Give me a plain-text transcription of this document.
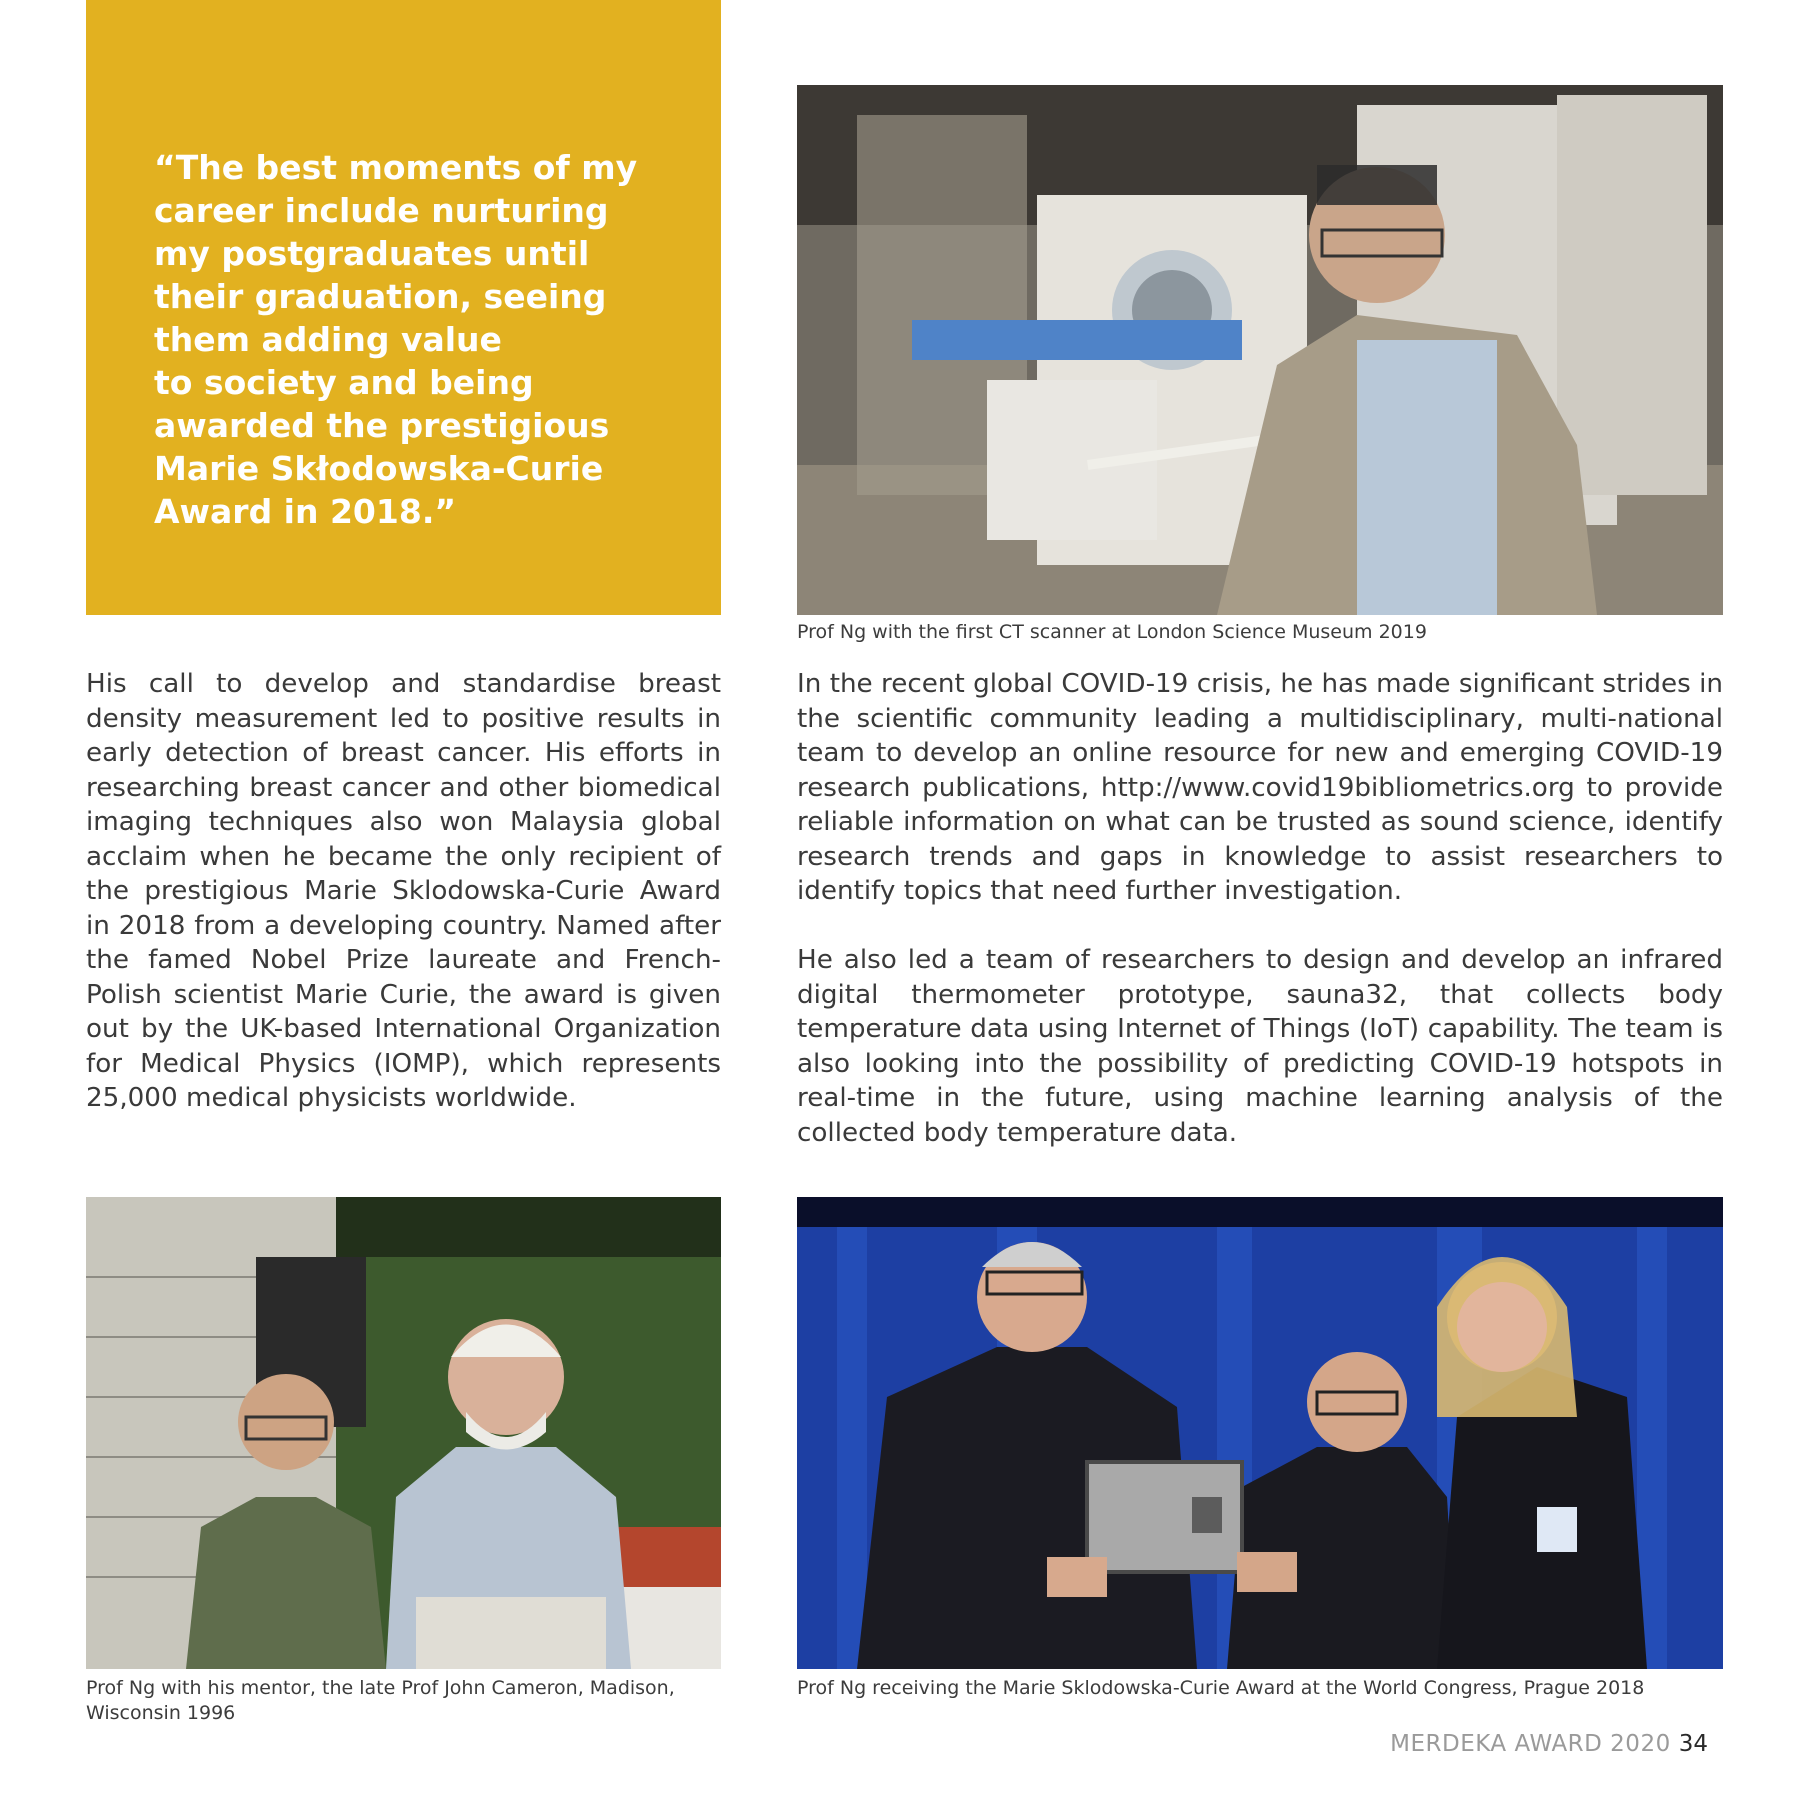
“The best moments of my
career include nurturing
my postgraduates until
their graduation, seeing
them adding value
to society and being
awarded the prestigious
Marie Skłodowska-Curie
Award in 2018.”

Prof Ng with the first CT scanner at London Science Museum 2019

His call to develop and standardise breast density measurement led to positive results in early detection of breast cancer. His efforts in researching breast cancer and other biomedical imaging techniques also won Malaysia global acclaim when he became the only recipient of the prestigious Marie Sklodowska-Curie Award in 2018 from a developing country. Named after the famed Nobel Prize laureate and French-Polish scientist Marie Curie, the award is given out by the UK-based International Organization for Medical Physics (IOMP), which represents 25,000 medical physicists worldwide.

In the recent global COVID-19 crisis, he has made significant strides in the scientific community leading a multidisciplinary, multi-national team to develop an online resource for new and emerging COVID-19 research publications, http://www.covid19bibliometrics.org to provide reliable information on what can be trusted as sound science, identify research trends and gaps in knowledge to assist researchers to identify topics that need further investigation.

He also led a team of researchers to design and develop an infrared digital thermometer prototype, sauna32, that collects body temperature data using Internet of Things (IoT) capability. The team is also looking into the possibility of predicting COVID-19 hotspots in real-time in the future, using machine learning analysis of the collected body temperature data.

Prof Ng with his mentor, the late Prof John Cameron, Madison, Wisconsin 1996

Prof Ng receiving the Marie Sklodowska-Curie Award at the World Congress, Prague 2018

MERDEKA AWARD 2020 34
